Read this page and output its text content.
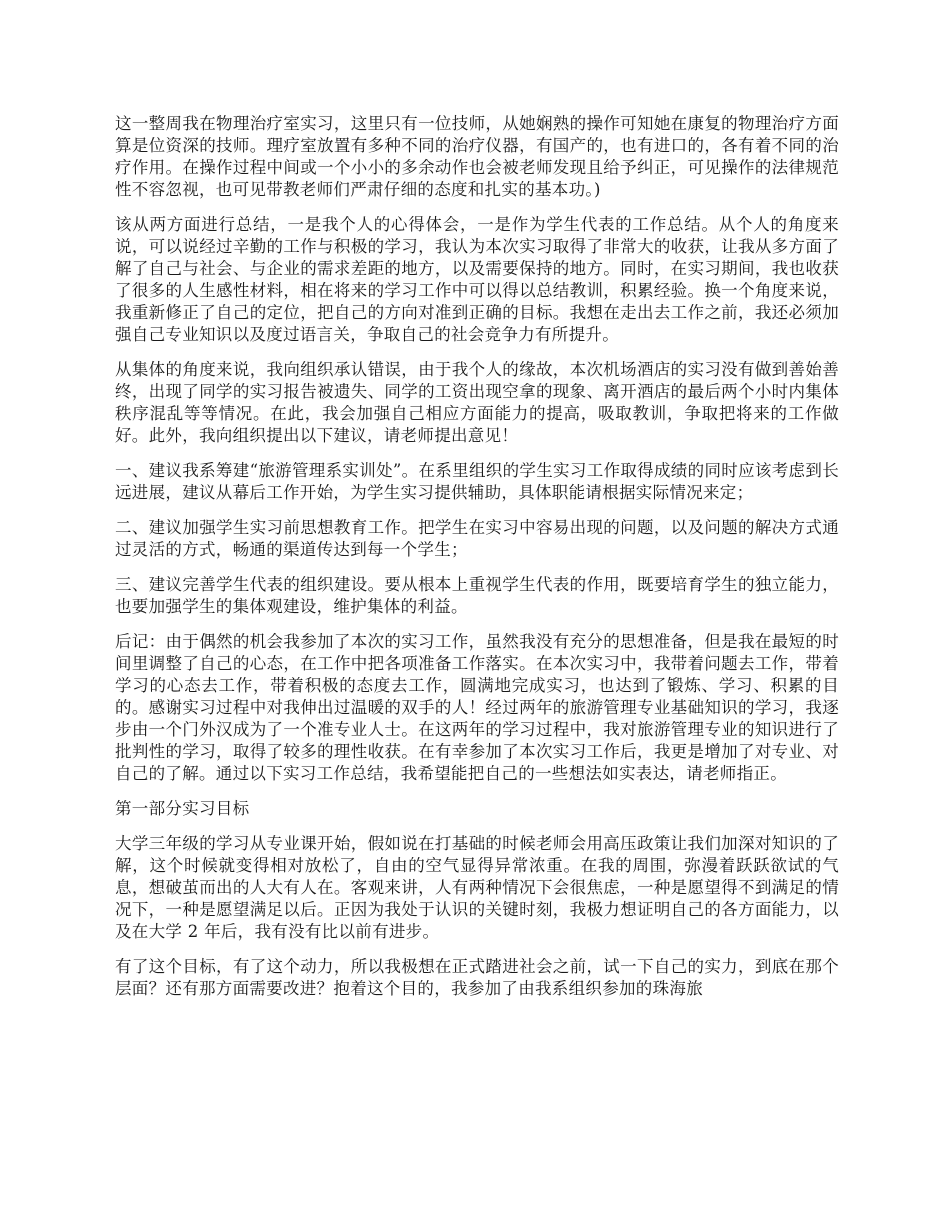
这一整周我在物理治疗室实习，这里只有一位技师，从她娴熟的操作可知她在康复的物理治疗方面算是位资深的技师。理疗室放置有多种不同的治疗仪器，有国产的，也有进口的，各有着不同的治疗作用。在操作过程中间或一个小小的多余动作也会被老师发现且给予纠正，可见操作的法律规范性不容忽视，也可见带教老师们严肃仔细的态度和扎实的基本功。)

该从两方面进行总结，一是我个人的心得体会，一是作为学生代表的工作总结。从个人的角度来说，可以说经过辛勤的工作与积极的学习，我认为本次实习取得了非常大的收获，让我从多方面了解了自己与社会、与企业的需求差距的地方，以及需要保持的地方。同时，在实习期间，我也收获了很多的人生感性材料，相在将来的学习工作中可以得以总结教训，积累经验。换一个角度来说，我重新修正了自己的定位，把自己的方向对准到正确的目标。我想在走出去工作之前，我还必须加强自己专业知识以及度过语言关，争取自己的社会竞争力有所提升。

从集体的角度来说，我向组织承认错误，由于我个人的缘故，本次机场酒店的实习没有做到善始善终，出现了同学的实习报告被遗失、同学的工资出现空拿的现象、离开酒店的最后两个小时内集体秩序混乱等等情况。在此，我会加强自己相应方面能力的提高，吸取教训，争取把将来的工作做好。此外，我向组织提出以下建议，请老师提出意见！

一、建议我系筹建“旅游管理系实训处”。在系里组织的学生实习工作取得成绩的同时应该考虑到长远进展，建议从幕后工作开始，为学生实习提供辅助，具体职能请根据实际情况来定；

二、建议加强学生实习前思想教育工作。把学生在实习中容易出现的问题，以及问题的解决方式通过灵活的方式，畅通的渠道传达到每一个学生；

三、建议完善学生代表的组织建设。要从根本上重视学生代表的作用，既要培育学生的独立能力，也要加强学生的集体观建设，维护集体的利益。

后记：由于偶然的机会我参加了本次的实习工作，虽然我没有充分的思想准备，但是我在最短的时间里调整了自己的心态，在工作中把各项准备工作落实。在本次实习中，我带着问题去工作，带着学习的心态去工作，带着积极的态度去工作，圆满地完成实习，也达到了锻炼、学习、积累的目的。感谢实习过程中对我伸出过温暖的双手的人！经过两年的旅游管理专业基础知识的学习，我逐步由一个门外汉成为了一个准专业人士。在这两年的学习过程中，我对旅游管理专业的知识进行了批判性的学习，取得了较多的理性收获。在有幸参加了本次实习工作后，我更是增加了对专业、对自己的了解。通过以下实习工作总结，我希望能把自己的一些想法如实表达，请老师指正。

第一部分实习目标

大学三年级的学习从专业课开始，假如说在打基础的时候老师会用高压政策让我们加深对知识的了解，这个时候就变得相对放松了，自由的空气显得异常浓重。在我的周围，弥漫着跃跃欲试的气息，想破茧而出的人大有人在。客观来讲，人有两种情况下会很焦虑，一种是愿望得不到满足的情况下，一种是愿望满足以后。正因为我处于认识的关键时刻，我极力想证明自己的各方面能力，以及在大学 2 年后，我有没有比以前有进步。

有了这个目标，有了这个动力，所以我极想在正式踏进社会之前，试一下自己的实力，到底在那个层面？还有那方面需要改进？抱着这个目的，我参加了由我系组织参加的珠海旅
